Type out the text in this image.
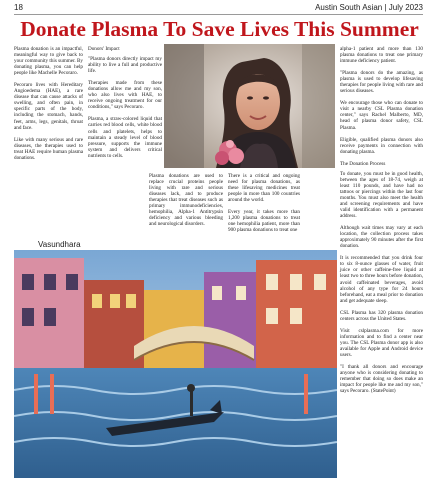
18	Austin South Asian | July 2023
Donate Plasma To Save Lives This Summer

Plasma donation is an impactful, meaningful way to give back to your community this summer. By donating plasma, you can help people like Machelle Pecoraro.

Pecoraro lives with Hereditary Angioedema (HAE), a rare disease that can cause attacks of swelling, and often pain, in specific parts of the body, including the stomach, hands, feet, arms, legs, genitals, throat and face.

Like with many serious and rare diseases, the therapies used to treat HAE require human plasma donations.

Vasundhara

Donors' Impact

"Plasma donors directly impact my ability to live a full and productive life.

Therapies made from these donations allow me and my son, who also lives with HAE, to receive ongoing treatment for our conditions," says Pecoraro.

Plasma, a straw-colored liquid that carries red blood cells, white blood cells and platelets, helps to maintain a steady level of blood pressure, supports the immune system and delivers critical nutrients to cells.

Plasma donations are used to replace crucial proteins people living with rare and serious diseases lack, and to produce therapies that treat diseases such as primary immunodeficiencies, hemophilia, Alpha-1 Antitrypsin deficiency and various bleeding and neurological disorders.

There is a critical and ongoing need for plasma donations, as these lifesaving medicines treat people in more than 100 countries around the world.

Every year, it takes more than 1,200 plasma donations to treat one hemophilia patient, more than 900 plasma donations to treat one

alpha-1 patient and more than 130 plasma donations to treat one primary immune deficiency patient.

"Plasma donors do the amazing, as plasma is used to develop lifesaving therapies for people living with rare and serious diseases.

We encourage those who can donate to visit a nearby CSL Plasma donation center," says Rachel Malberto, MD, head of plasma donor safety, CSL Plasma.

Eligible, qualified plasma donors also receive payments in connection with donating plasma.

The Donation Process

To donate, you must be in good health, between the ages of 18-74, weigh at least 110 pounds, and have had no tattoos or piercings within the last four months. You must also meet the health and screening requirements and have valid identification with a permanent address.

Although wait times may vary at each location, the collection process takes approximately 90 minutes after the first donation.

It is recommended that you drink four to six 8-ounce glasses of water, fruit juice or other caffeine-free liquid at least two to three hours before donation, avoid caffeinated beverages, avoid alcohol of any type for 24 hours beforehand, eat a meal prior to donation and get adequate sleep.

CSL Plasma has 320 plasma donation centers across the United States.

Visit cslplasma.com for more information and to find a center near you. The CSL Plasma donor app is also available for Apple and Android device users.

"I thank all donors and encourage anyone who is considering donating to remember that doing so does make an impact for people like me and my son," says Pecoraro. (StatePoint)
